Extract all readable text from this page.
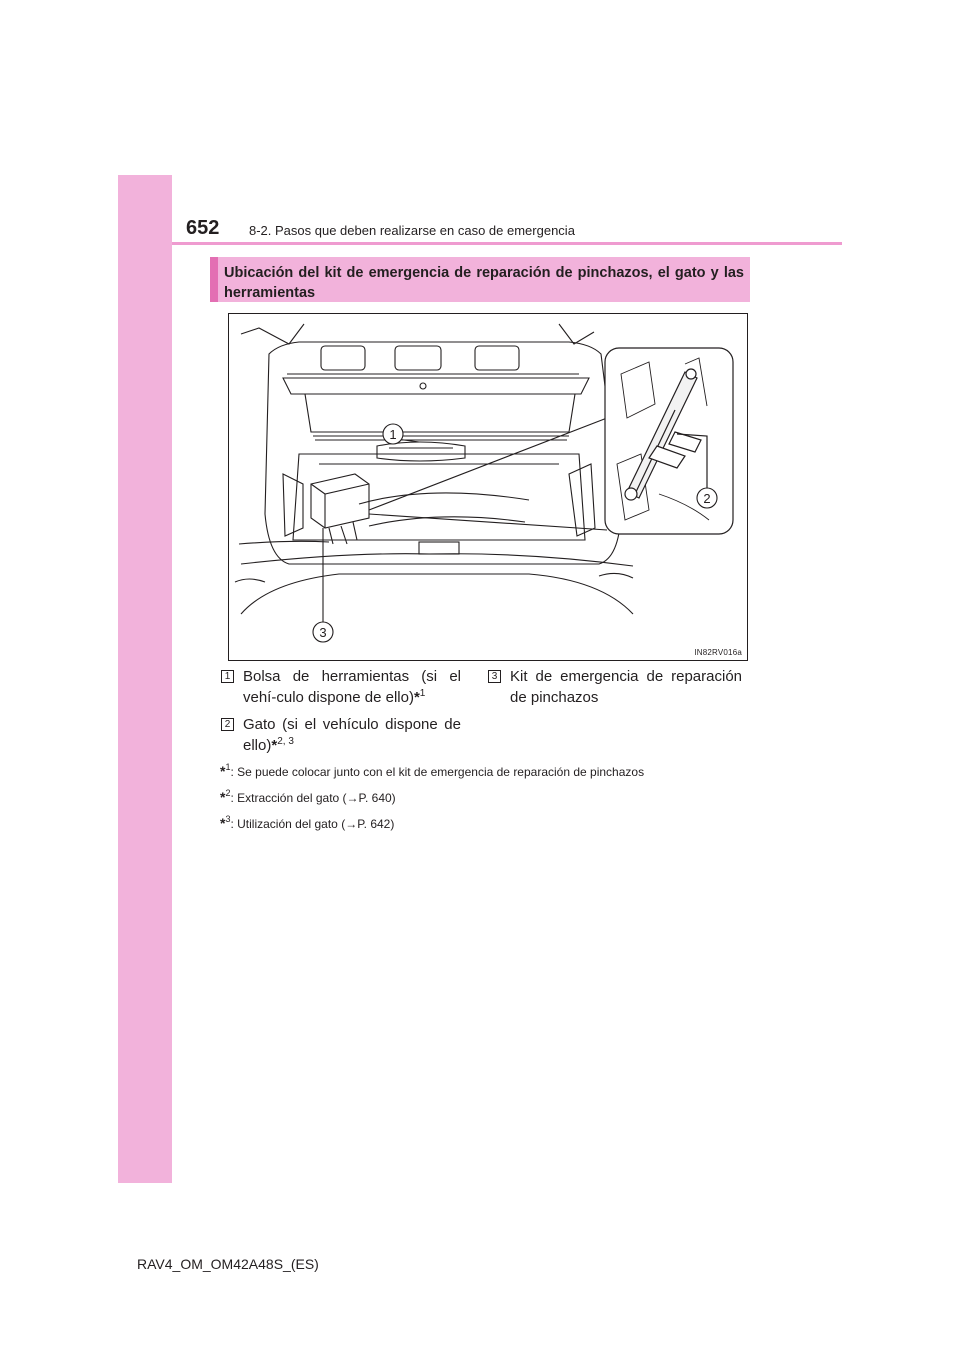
652 8-2. Pasos que deben realizarse en caso de emergencia
Ubicación del kit de emergencia de reparación de pinchazos, el gato y las herramientas
1
2
3
IN82RV016a
1 Bolsa de herramientas (si el vehí-culo dispone de ello)*$^1$
2 Gato (si el vehículo dispone de ello)*$^{2, 3}$
3 Kit de emergencia de reparación de pinchazos
*$^1$: Se puede colocar junto con el kit de emergencia de reparación de pinchazos
*$^2$: Extracción del gato (→P. 640)
*$^3$: Utilización del gato (→P. 642)
RAV4_OM_OM42A48S_(ES)
